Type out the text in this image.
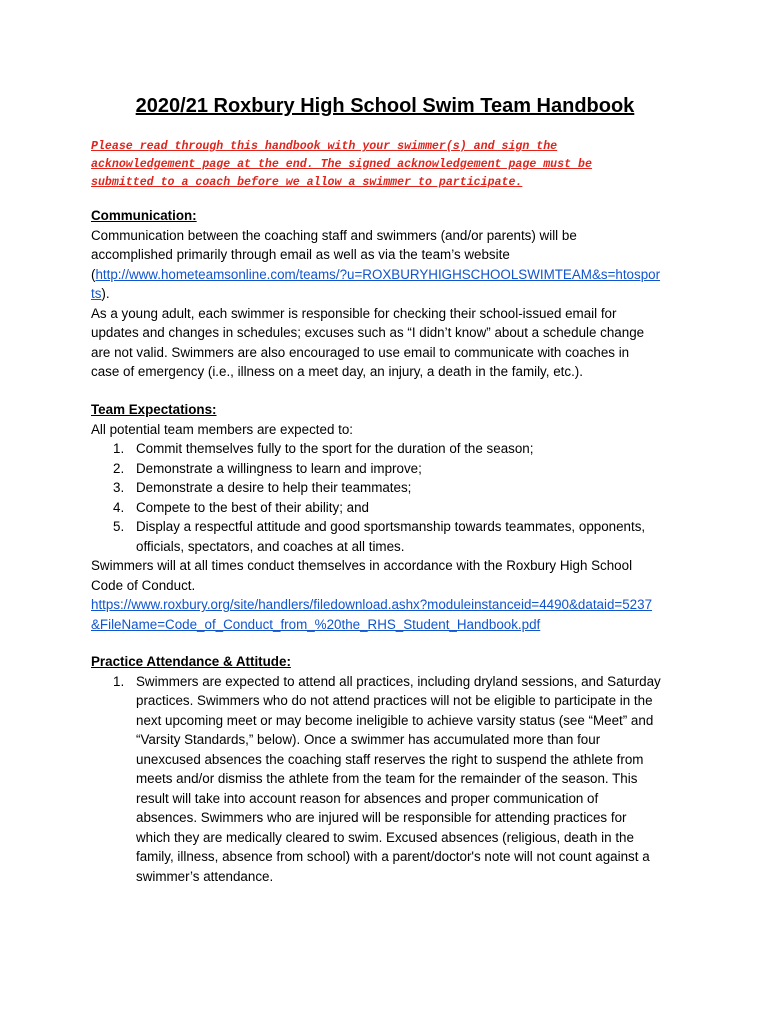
2020/21 Roxbury High School Swim Team Handbook
Please read through this handbook with your swimmer(s) and sign the
acknowledgement page at the end. The signed acknowledgement page must be
submitted to a coach before we allow a swimmer to participate.
Communication:
Communication between the coaching staff and swimmers (and/or parents) will be
accomplished primarily through email as well as via the team’s website
(http://www.hometeamsonline.com/teams/?u=ROXBURYHIGHSCHOOLSWIMTEAM&s=htospor
ts).
As a young adult, each swimmer is responsible for checking their school-issued email for
updates and changes in schedules; excuses such as “I didn’t know” about a schedule change
are not valid. Swimmers are also encouraged to use email to communicate with coaches in
case of emergency (i.e., illness on a meet day, an injury, a death in the family, etc.).
Team Expectations:
All potential team members are expected to:
1. Commit themselves fully to the sport for the duration of the season;
2. Demonstrate a willingness to learn and improve;
3. Demonstrate a desire to help their teammates;
4. Compete to the best of their ability; and
5. Display a respectful attitude and good sportsmanship towards teammates, opponents,
officials, spectators, and coaches at all times.
Swimmers will at all times conduct themselves in accordance with the Roxbury High School
Code of Conduct.
https://www.roxbury.org/site/handlers/filedownload.ashx?moduleinstanceid=4490&dataid=5237
&FileName=Code_of_Conduct_from_%20the_RHS_Student_Handbook.pdf
Practice Attendance & Attitude:
1. Swimmers are expected to attend all practices, including dryland sessions, and Saturday
practices. Swimmers who do not attend practices will not be eligible to participate in the
next upcoming meet or may become ineligible to achieve varsity status (see “Meet” and
“Varsity Standards,” below). Once a swimmer has accumulated more than four
unexcused absences the coaching staff reserves the right to suspend the athlete from
meets and/or dismiss the athlete from the team for the remainder of the season. This
result will take into account reason for absences and proper communication of
absences. Swimmers who are injured will be responsible for attending practices for
which they are medically cleared to swim. Excused absences (religious, death in the
family, illness, absence from school) with a parent/doctor's note will not count against a
swimmer’s attendance.
